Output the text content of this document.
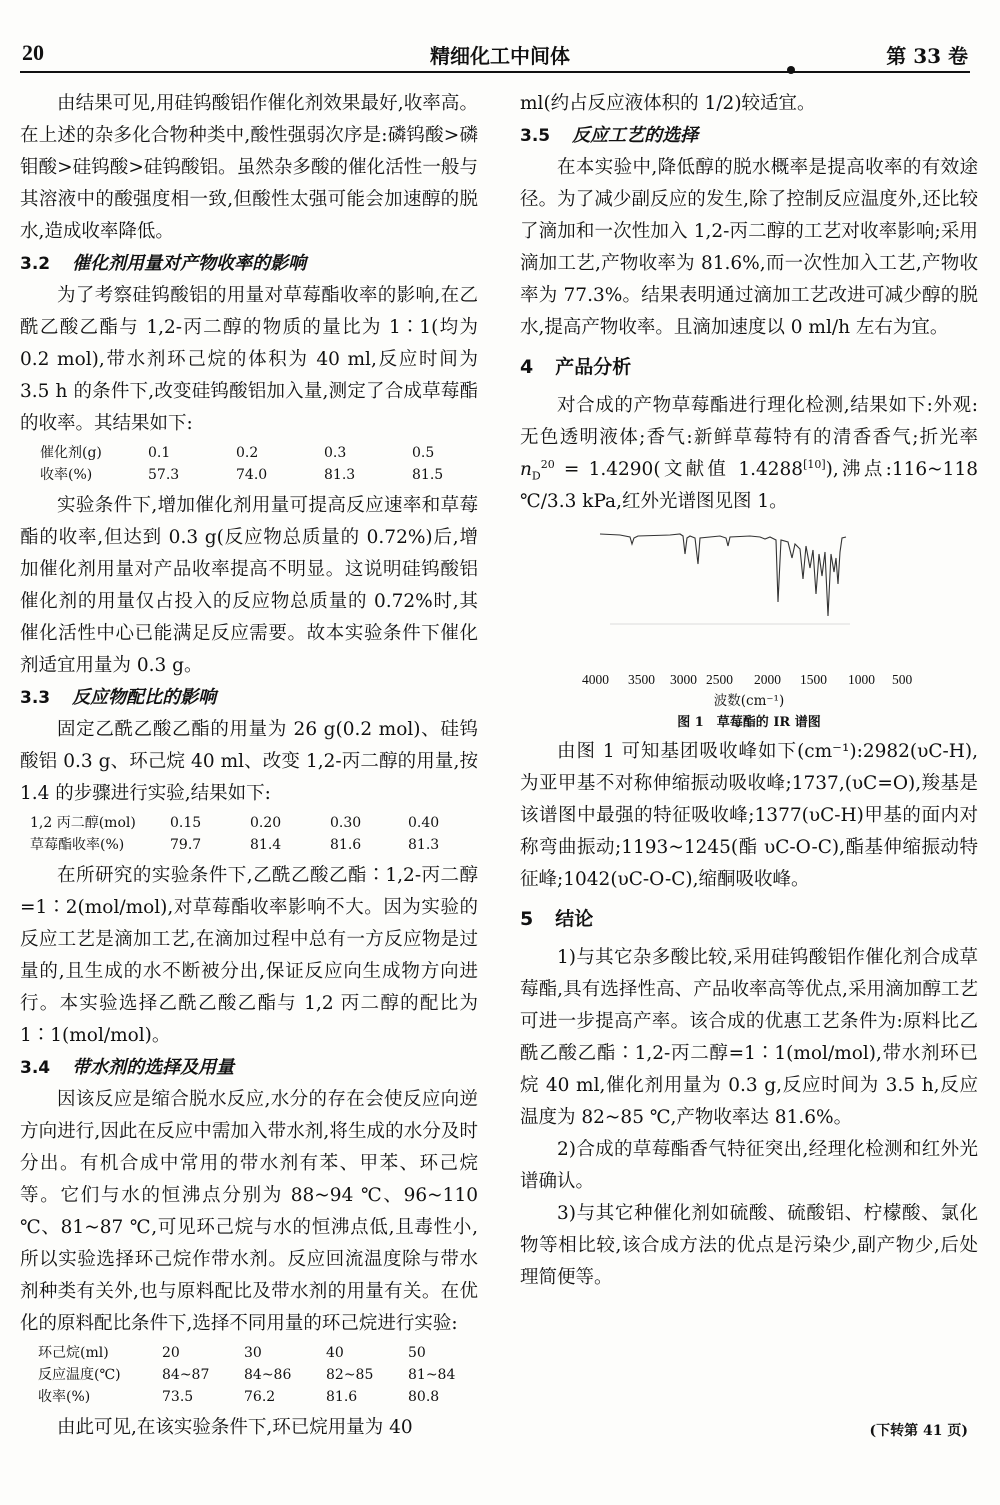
20	精细化工中间体	第 33 卷

由结果可见,用硅钨酸铝作催化剂效果最好,收率高。在上述的杂多化合物种类中,酸性强弱次序是:磷钨酸>磷钼酸>硅钨酸>硅钨酸铝。虽然杂多酸的催化活性一般与其溶液中的酸强度相一致,但酸性太强可能会加速醇的脱水,造成收率降低。

3.2 催化剂用量对产物收率的影响

为了考察硅钨酸铝的用量对草莓酯收率的影响,在乙酰乙酸乙酯与 1,2-丙二醇的物质的量比为 1∶1(均为 0.2 mol),带水剂环己烷的体积为 40 ml,反应时间为 3.5 h 的条件下,改变硅钨酸铝加入量,测定了合成草莓酯的收率。其结果如下:

催化剂(g)	0.1	0.2	0.3	0.5
收率(%)	57.3	74.0	81.3	81.5

实验条件下,增加催化剂用量可提高反应速率和草莓酯的收率,但达到 0.3 g(反应物总质量的 0.72%)后,增加催化剂用量对产品收率提高不明显。这说明硅钨酸铝催化剂的用量仅占投入的反应物总质量的 0.72%时,其催化活性中心已能满足反应需要。故本实验条件下催化剂适宜用量为 0.3 g。

3.3 反应物配比的影响

固定乙酰乙酸乙酯的用量为 26 g(0.2 mol)、硅钨酸铝 0.3 g、环己烷 40 ml、改变 1,2-丙二醇的用量,按 1.4 的步骤进行实验,结果如下:

1,2 丙二醇(mol)	0.15	0.20	0.30	0.40
草莓酯收率(%)	79.7	81.4	81.6	81.3

在所研究的实验条件下,乙酰乙酸乙酯∶1,2-丙二醇=1∶2(mol/mol),对草莓酯收率影响不大。因为实验的反应工艺是滴加工艺,在滴加过程中总有一方反应物是过量的,且生成的水不断被分出,保证反应向生成物方向进行。本实验选择乙酰乙酸乙酯与 1,2 丙二醇的配比为 1∶1(mol/mol)。

3.4 带水剂的选择及用量

因该反应是缩合脱水反应,水分的存在会使反应向逆方向进行,因此在反应中需加入带水剂,将生成的水分及时分出。有机合成中常用的带水剂有苯、甲苯、环己烷等。它们与水的恒沸点分别为 88~94 ℃、96~110 ℃、81~87 ℃,可见环己烷与水的恒沸点低,且毒性小,所以实验选择环己烷作带水剂。反应回流温度除与带水剂种类有关外,也与原料配比及带水剂的用量有关。在优化的原料配比条件下,选择不同用量的环己烷进行实验:

环己烷(ml)	20	30	40	50
反应温度(℃)	84~87	84~86	82~85	81~84
收率(%)	73.5	76.2	81.6	80.8

由此可见,在该实验条件下,环已烷用量为 40

ml(约占反应液体积的 1/2)较适宜。

3.5 反应工艺的选择

在本实验中,降低醇的脱水概率是提高收率的有效途径。为了减少副反应的发生,除了控制反应温度外,还比较了滴加和一次性加入 1,2-丙二醇的工艺对收率影响;采用滴加工艺,产物收率为 81.6%,而一次性加入工艺,产物收率为 77.3%。结果表明通过滴加工艺改进可减少醇的脱水,提高产物收率。且滴加速度以 0 ml/h 左右为宜。

4 产品分析

对合成的产物草莓酯进行理化检测,结果如下:外观:无色透明液体;香气:新鲜草莓特有的清香香气;折光率 $n_D^{20} = 1.4290$(文献值 1.4288[10]),沸点:116~118 ℃/3.3 kPa,红外光谱图见图 1。

4000 3500 3000 2500 2000 1500 1000 500
波数(cm⁻¹)
图 1　草莓酯的 IR 谱图

由图 1 可知基团吸收峰如下(cm⁻¹):2982(υC-H),为亚甲基不对称伸缩振动吸收峰;1737,(υC=O),羧基是该谱图中最强的特征吸收峰;1377(υC-H)甲基的面内对称弯曲振动;1193~1245(酯 υC-O-C),酯基伸缩振动特征峰;1042(υC-O-C),缩酮吸收峰。

5 结论

1)与其它杂多酸比较,采用硅钨酸铝作催化剂合成草莓酯,具有选择性高、产品收率高等优点,采用滴加醇工艺可进一步提高产率。该合成的优惠工艺条件为:原料比乙酰乙酸乙酯∶1,2-丙二醇=1∶1(mol/mol),带水剂环已烷 40 ml,催化剂用量为 0.3 g,反应时间为 3.5 h,反应温度为 82~85 ℃,产物收率达 81.6%。

2)合成的草莓酯香气特征突出,经理化检测和红外光谱确认。

3)与其它种催化剂如硫酸、硫酸铝、柠檬酸、氯化物等相比较,该合成方法的优点是污染少,副产物少,后处理简便等。

(下转第 41 页)
